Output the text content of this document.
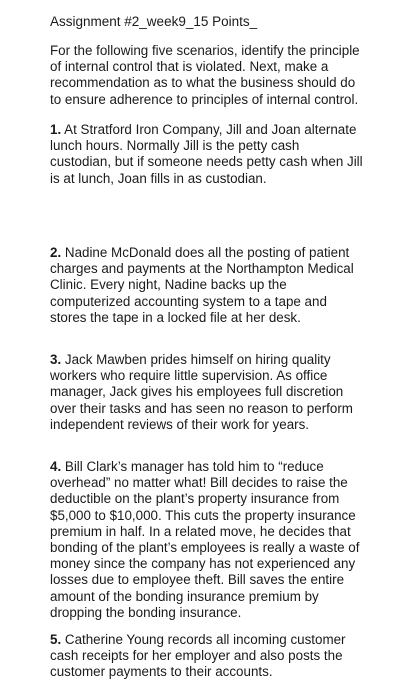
Assignment #2_week9_15 Points_
For the following five scenarios, identify the principle
of internal control that is violated. Next, make a
recommendation as to what the business should do
to ensure adherence to principles of internal control.
1. At Stratford Iron Company, Jill and Joan alternate
lunch hours. Normally Jill is the petty cash
custodian, but if someone needs petty cash when Jill
is at lunch, Joan fills in as custodian.
2. Nadine McDonald does all the posting of patient
charges and payments at the Northampton Medical
Clinic. Every night, Nadine backs up the
computerized accounting system to a tape and
stores the tape in a locked file at her desk.
3. Jack Mawben prides himself on hiring quality
workers who require little supervision. As office
manager, Jack gives his employees full discretion
over their tasks and has seen no reason to perform
independent reviews of their work for years.
4. Bill Clark’s manager has told him to “reduce
overhead” no matter what! Bill decides to raise the
deductible on the plant’s property insurance from
$5,000 to $10,000. This cuts the property insurance
premium in half. In a related move, he decides that
bonding of the plant’s employees is really a waste of
money since the company has not experienced any
losses due to employee theft. Bill saves the entire
amount of the bonding insurance premium by
dropping the bonding insurance.
5. Catherine Young records all incoming customer
cash receipts for her employer and also posts the
customer payments to their accounts.
